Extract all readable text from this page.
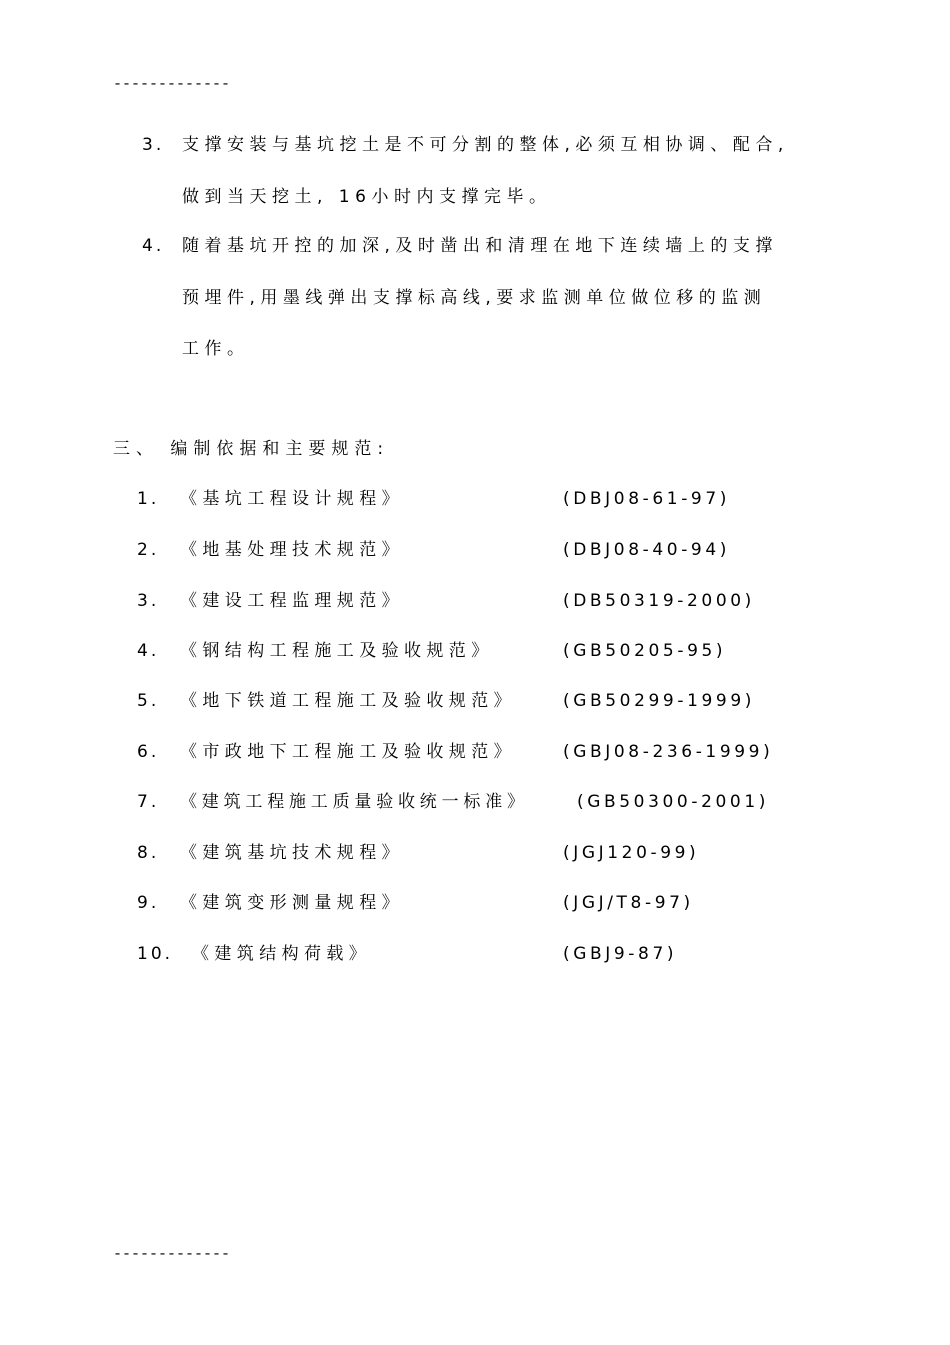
-------------
3. 支撑安装与基坑挖土是不可分割的整体,必须互相协调、配合,
做到当天挖土, 16小时内支撑完毕。
4. 随着基坑开控的加深,及时凿出和清理在地下连续墙上的支撑
预埋件,用墨线弹出支撑标高线,要求监测单位做位移的监测
工作。
三、 编制依据和主要规范:
1. 《基坑工程设计规程》	(DBJ08-61-97)
2. 《地基处理技术规范》	(DBJ08-40-94)
3. 《建设工程监理规范》	(DB50319-2000)
4. 《钢结构工程施工及验收规范》	(GB50205-95)
5. 《地下铁道工程施工及验收规范》	(GB50299-1999)
6. 《市政地下工程施工及验收规范》	(GBJ08-236-1999)
7. 《建筑工程施工质量验收统一标准》	(GB50300-2001)
8. 《建筑基坑技术规程》	(JGJ120-99)
9. 《建筑变形测量规程》	(JGJ/T8-97)
10. 《建筑结构荷载》	(GBJ9-87)
-------------
